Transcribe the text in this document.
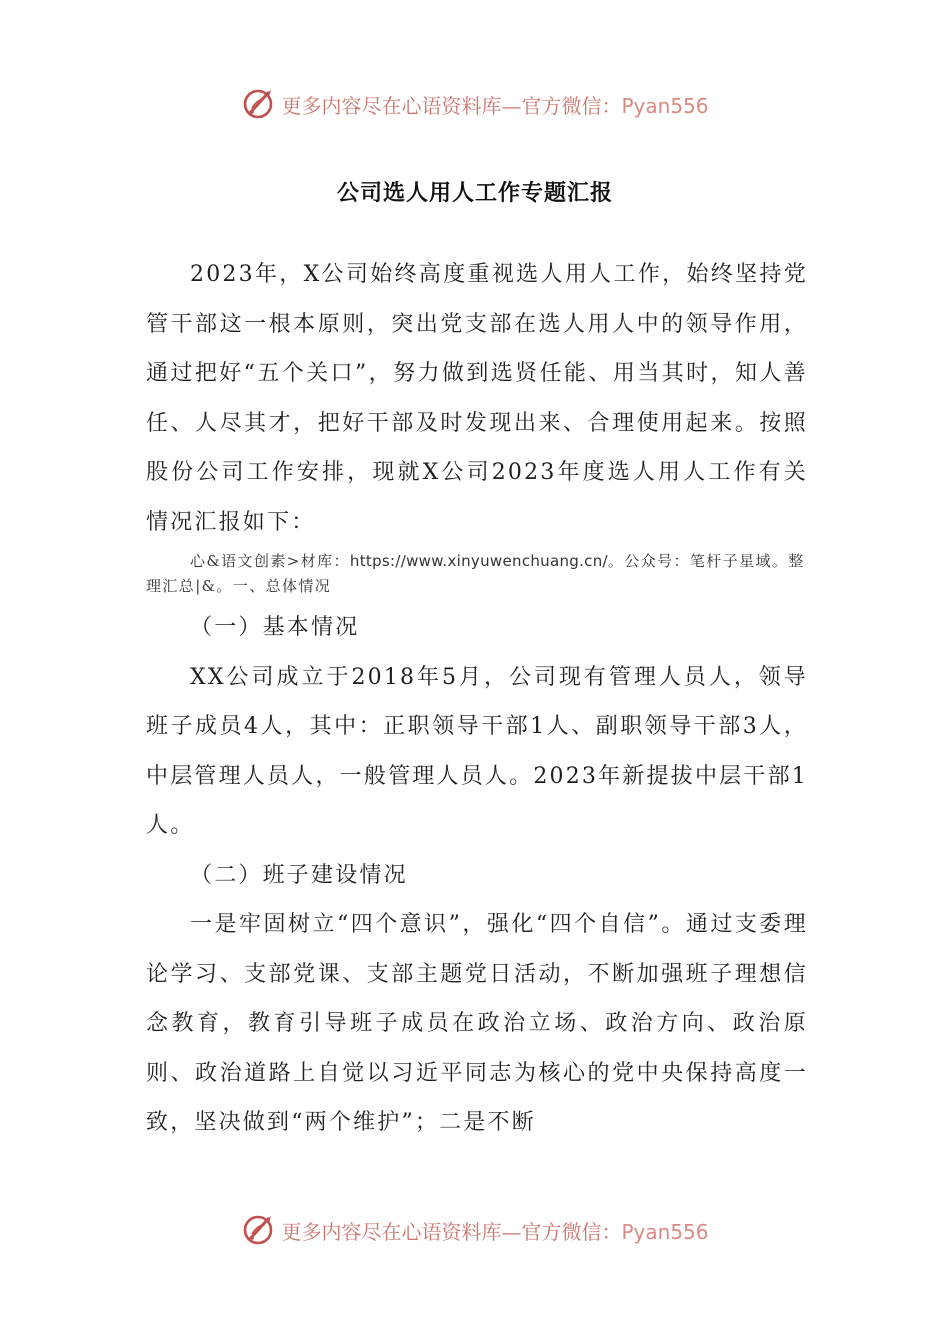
更多内容尽在心语资料库—官方微信：Pyan556
公司选人用人工作专题汇报

2023年，X公司始终高度重视选人用人工作，始终坚持党管干部这一根本原则，突出党支部在选人用人中的领导作用，通过把好“五个关口”，努力做到选贤任能、用当其时，知人善任、人尽其才，把好干部及时发现出来、合理使用起来。按照股份公司工作安排，现就X公司2023年度选人用人工作有关情况汇报如下：

心&语文创素>材库：https://www.xinyuwenchuang.cn/。公众号：笔杆子星域。整理汇总|&。一、总体情况

（一）基本情况

XX公司成立于2018年5月，公司现有管理人员人，领导班子成员4人，其中：正职领导干部1人、副职领导干部3人，中层管理人员人，一般管理人员人。2023年新提拔中层干部1人。

（二）班子建设情况

一是牢固树立“四个意识”，强化“四个自信”。通过支委理论学习、支部党课、支部主题党日活动，不断加强班子理想信念教育，教育引导班子成员在政治立场、政治方向、政治原则、政治道路上自觉以习近平同志为核心的党中央保持高度一致，坚决做到“两个维护”；二是不断

更多内容尽在心语资料库—官方微信：Pyan556
